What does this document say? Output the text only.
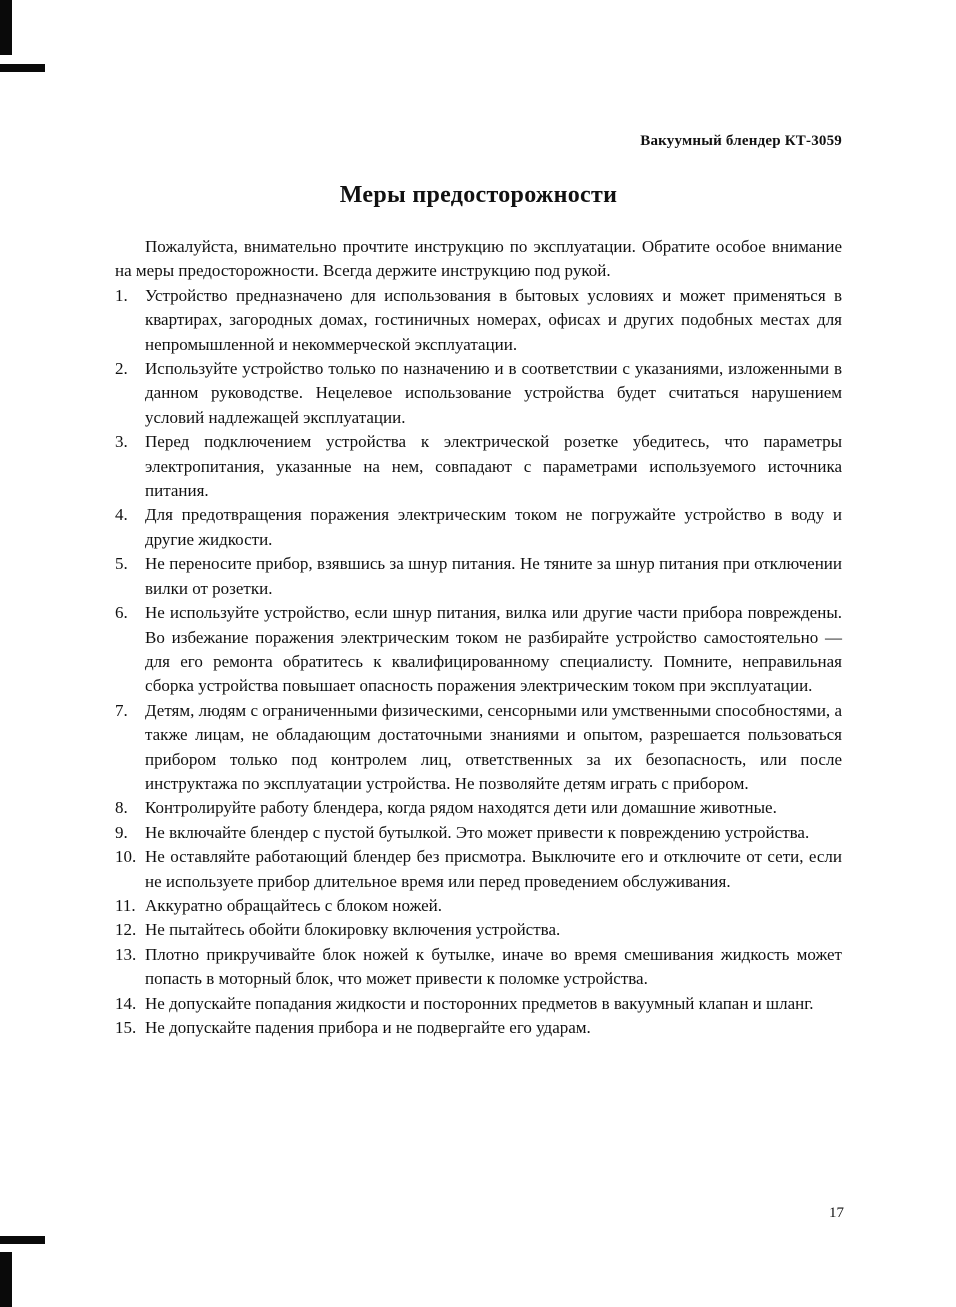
Вакуумный блендер КТ-3059
Меры предосторожности

Пожалуйста, внимательно прочтите инструкцию по эксплуатации. Обратите особое внимание на меры предосторожности. Всегда держите инструкцию под рукой.

1.	Устройство предназначено для использования в бытовых условиях и может применяться в квартирах, загородных домах, гостиничных номерах, офисах и других подобных местах для непромышленной и некоммерческой эксплуатации.
2.	Используйте устройство только по назначению и в соответствии с указаниями, изложенными в данном руководстве. Нецелевое использование устройства будет считаться нарушением условий надлежащей эксплуатации.
3.	Перед подключением устройства к электрической розетке убедитесь, что параметры электропитания, указанные на нем, совпадают с параметрами используемого источника питания.
4.	Для предотвращения поражения электрическим током не погружайте устройство в воду и другие жидкости.
5.	Не переносите прибор, взявшись за шнур питания. Не тяните за шнур питания при отключении вилки от розетки.
6.	Не используйте устройство, если шнур питания, вилка или другие части прибора повреждены. Во избежание поражения электрическим током не разбирайте устройство самостоятельно — для его ремонта обратитесь к квалифицированному специалисту. Помните, неправильная сборка устройства повышает опасность поражения электрическим током при эксплуатации.
7.	Детям, людям с ограниченными физическими, сенсорными или умственными способностями, а также лицам, не обладающим достаточными знаниями и опытом, разрешается пользоваться прибором только под контролем лиц, ответственных за их безопасность, или после инструктажа по эксплуатации устройства. Не позволяйте детям играть с прибором.
8.	Контролируйте работу блендера, когда рядом находятся дети или домашние животные.
9.	Не включайте блендер с пустой бутылкой. Это может привести к повреждению устройства.
10. Не оставляйте работающий блендер без присмотра. Выключите его и отключите от сети, если не используете прибор длительное время или перед проведением обслуживания.
11. Аккуратно обращайтесь с блоком ножей.
12. Не пытайтесь обойти блокировку включения устройства.
13. Плотно прикручивайте блок ножей к бутылке, иначе во время смешивания жидкость может попасть в моторный блок, что может привести к поломке устройства.
14. Не допускайте попадания жидкости и посторонних предметов в вакуумный клапан и шланг.
15. Не допускайте падения прибора и не подвергайте его ударам.
17
